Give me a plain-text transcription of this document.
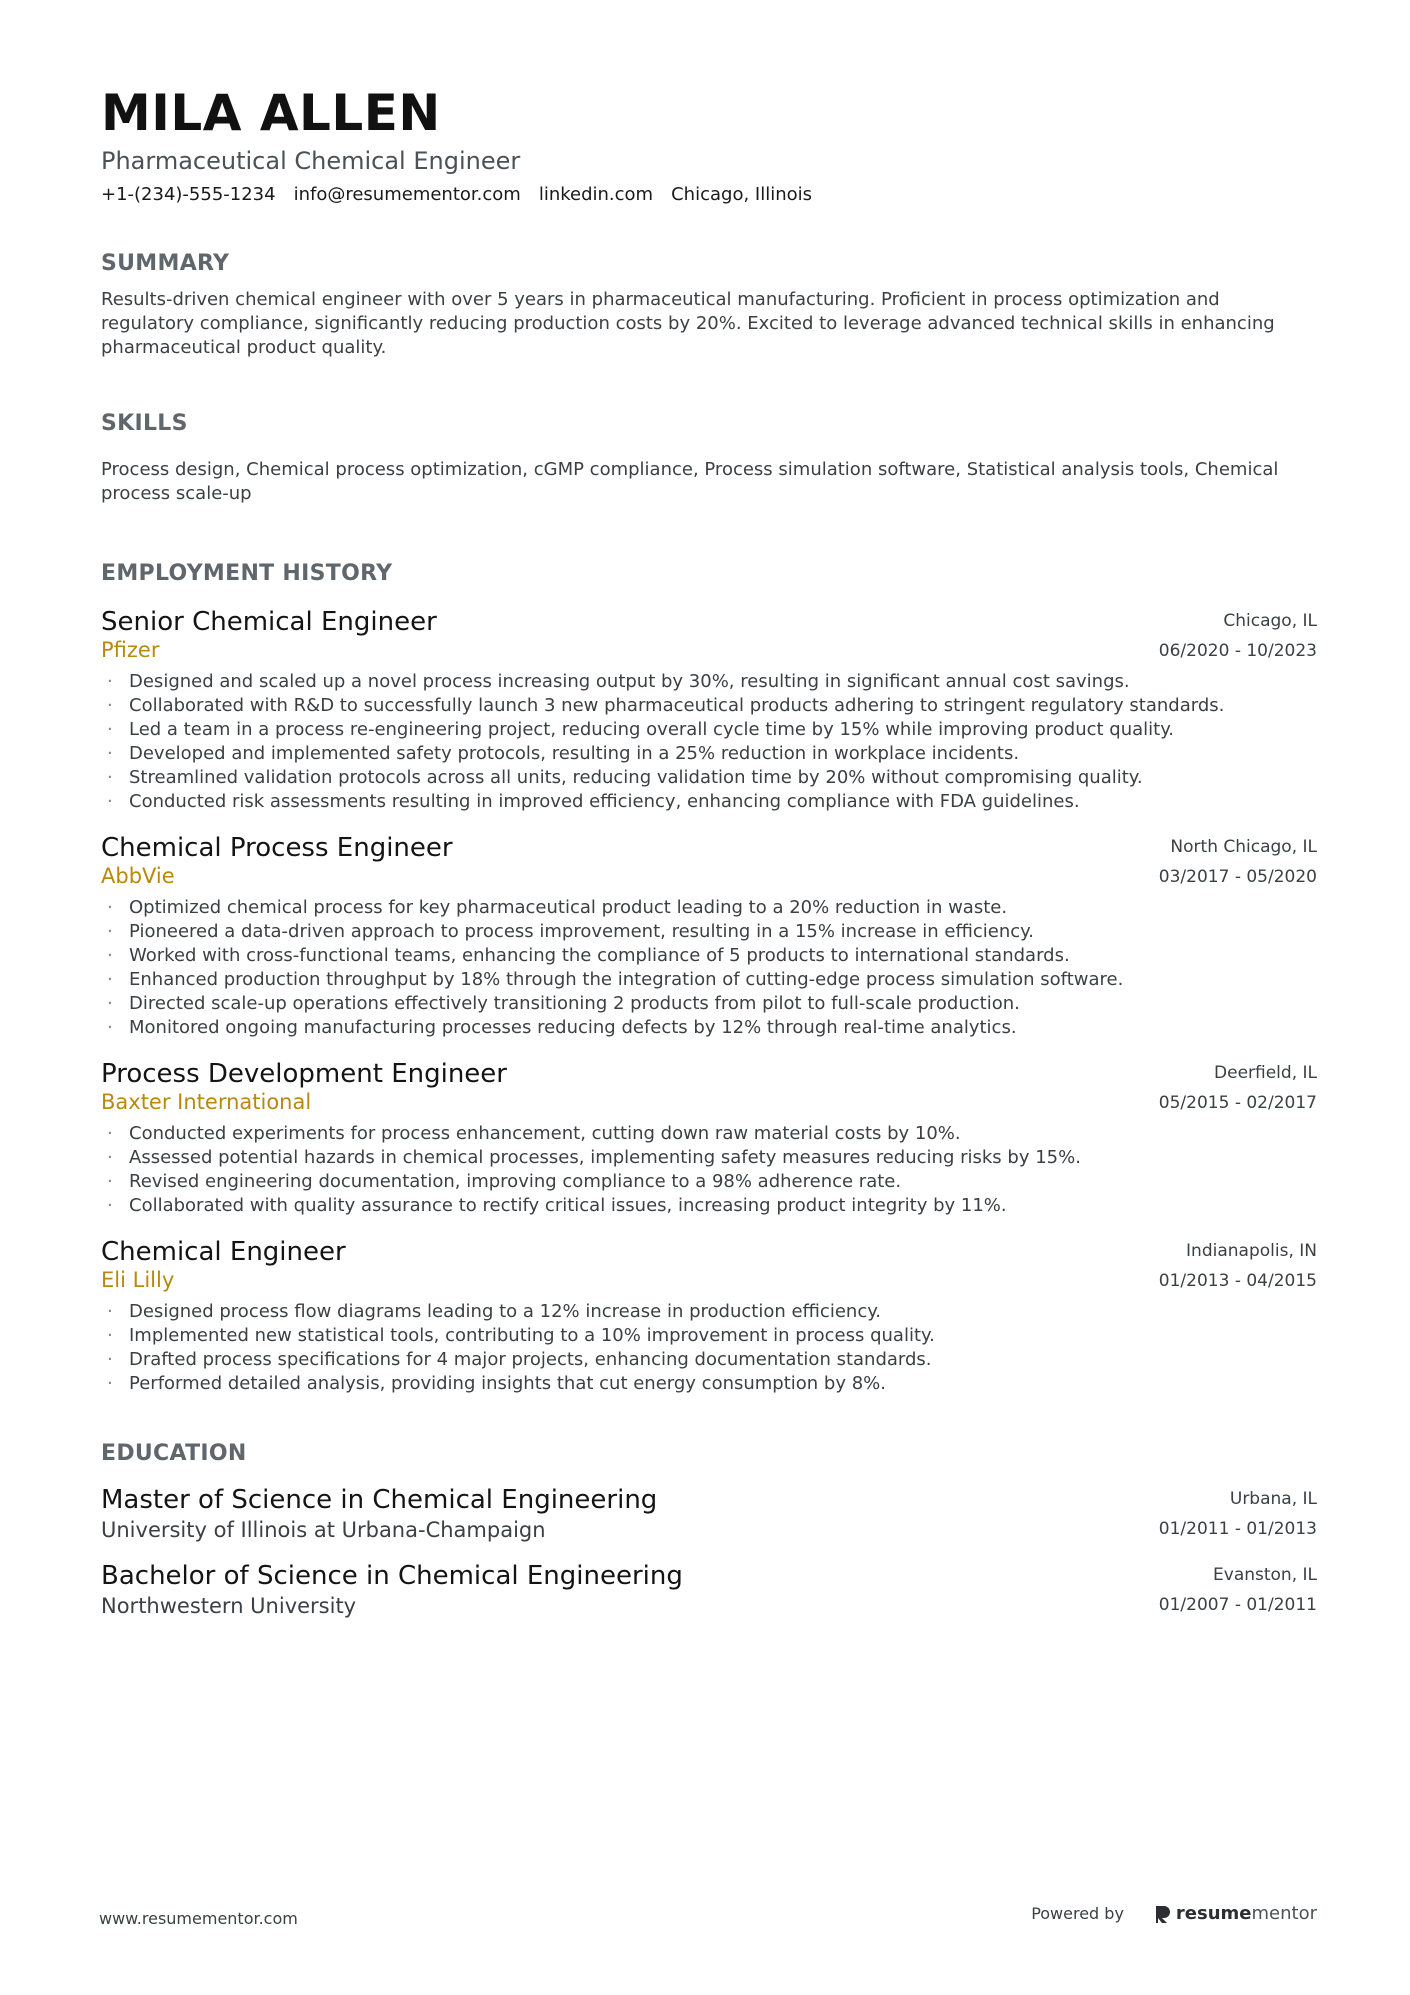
MILA ALLEN
Pharmaceutical Chemical Engineer
+1-(234)-555-1234 info@resumementor.com linkedin.com Chicago, Illinois
SUMMARY
Results-driven chemical engineer with over 5 years in pharmaceutical manufacturing. Proficient in process optimization and regulatory compliance, significantly reducing production costs by 20%. Excited to leverage advanced technical skills in enhancing pharmaceutical product quality.
SKILLS
Process design, Chemical process optimization, cGMP compliance, Process simulation software, Statistical analysis tools, Chemical process scale-up
EMPLOYMENT HISTORY
Senior Chemical Engineer
Pfizer
Chicago, IL
06/2020 - 10/2023
· Designed and scaled up a novel process increasing output by 30%, resulting in significant annual cost savings.
· Collaborated with R&D to successfully launch 3 new pharmaceutical products adhering to stringent regulatory standards.
· Led a team in a process re-engineering project, reducing overall cycle time by 15% while improving product quality.
· Developed and implemented safety protocols, resulting in a 25% reduction in workplace incidents.
· Streamlined validation protocols across all units, reducing validation time by 20% without compromising quality.
· Conducted risk assessments resulting in improved efficiency, enhancing compliance with FDA guidelines.
Chemical Process Engineer
AbbVie
North Chicago, IL
03/2017 - 05/2020
· Optimized chemical process for key pharmaceutical product leading to a 20% reduction in waste.
· Pioneered a data-driven approach to process improvement, resulting in a 15% increase in efficiency.
· Worked with cross-functional teams, enhancing the compliance of 5 products to international standards.
· Enhanced production throughput by 18% through the integration of cutting-edge process simulation software.
· Directed scale-up operations effectively transitioning 2 products from pilot to full-scale production.
· Monitored ongoing manufacturing processes reducing defects by 12% through real-time analytics.
Process Development Engineer
Baxter International
Deerfield, IL
05/2015 - 02/2017
· Conducted experiments for process enhancement, cutting down raw material costs by 10%.
· Assessed potential hazards in chemical processes, implementing safety measures reducing risks by 15%.
· Revised engineering documentation, improving compliance to a 98% adherence rate.
· Collaborated with quality assurance to rectify critical issues, increasing product integrity by 11%.
Chemical Engineer
Eli Lilly
Indianapolis, IN
01/2013 - 04/2015
· Designed process flow diagrams leading to a 12% increase in production efficiency.
· Implemented new statistical tools, contributing to a 10% improvement in process quality.
· Drafted process specifications for 4 major projects, enhancing documentation standards.
· Performed detailed analysis, providing insights that cut energy consumption by 8%.
EDUCATION
Master of Science in Chemical Engineering
University of Illinois at Urbana-Champaign
Urbana, IL
01/2011 - 01/2013
Bachelor of Science in Chemical Engineering
Northwestern University
Evanston, IL
01/2007 - 01/2011
www.resumementor.com	Powered by	resumementor
